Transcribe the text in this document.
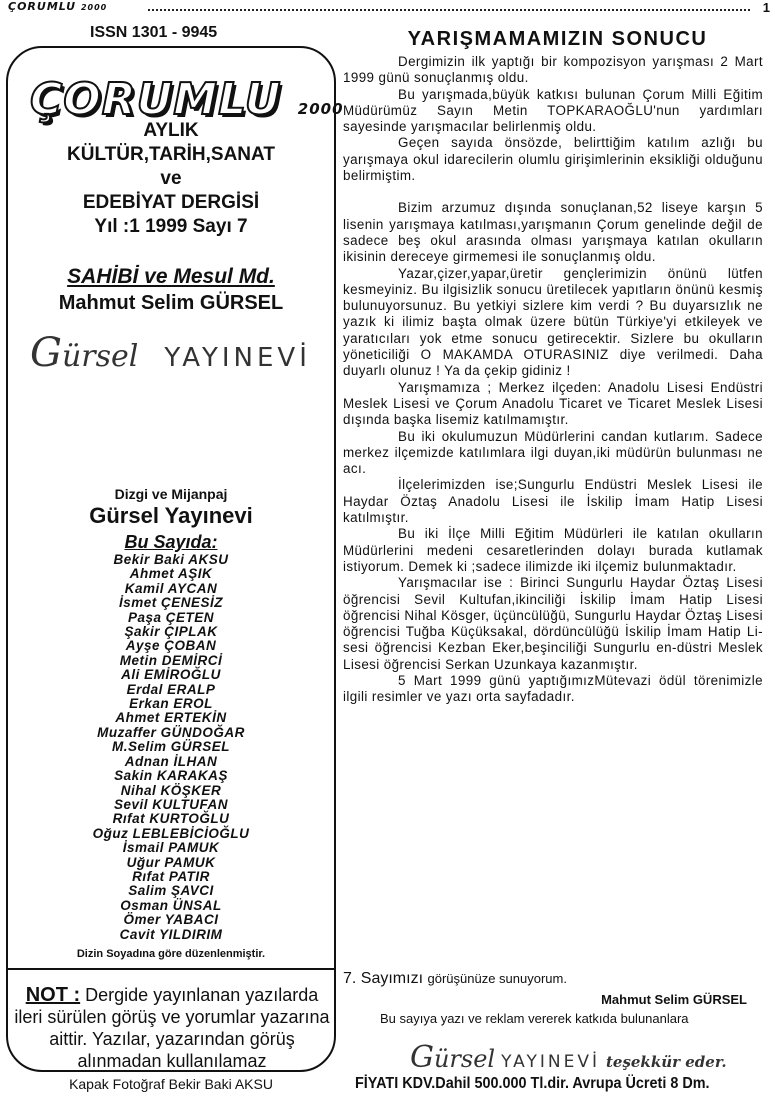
ÇORUMLU 2000	1
ISSN 1301 - 9945
ÇORUMLU 2000
AYLIK
KÜLTÜR,TARİH,SANAT
ve
EDEBİYAT DERGİSİ
Yıl :1 1999 Sayı 7
SAHİBİ ve Mesul Md.
Mahmut Selim GÜRSEL
Gürsel YAYINEVİ
Dizgi ve Mijanpaj
Gürsel Yayınevi
Bu Sayıda:
Bekir Baki AKSU
Ahmet AŞIK
Kamil AYCAN
İsmet ÇENESİZ
Paşa ÇETEN
Şakir ÇIPLAK
Ayşe ÇOBAN
Metin DEMİRCİ
Ali EMİROĞLU
Erdal ERALP
Erkan EROL
Ahmet ERTEKİN
Muzaffer GÜNDOĞAR
M.Selim GÜRSEL
Adnan İLHAN
Sakin KARAKAŞ
Nihal KÖŞKER
Sevil KULTUFAN
Rıfat KURTOĞLU
Oğuz LEBLEBİCİOĞLU
İsmail PAMUK
Uğur PAMUK
Rıfat PATIR
Salim ŞAVCI
Osman ÜNSAL
Ömer YABACI
Cavit YILDIRIM
Dizin Soyadına göre düzenlenmiştir.
NOT : Dergide yayınlanan yazılarda ileri sürülen görüş ve yorumlar yazarına aittir. Yazılar, yazarından görüş alınmadan kullanılamaz
Kapak Fotoğraf Bekir Baki AKSU
YARIŞMAMAMIZIN SONUCU

Dergimizin ilk yaptığı bir kompozisyon yarışması 2 Mart 1999 günü sonuçlanmış oldu.

Bu yarışmada,büyük katkısı bulunan Çorum Milli Eğitim Müdürümüz Sayın Metin TOPKARAOĞLU'nun yardımları sayesinde yarışmacılar belirlenmiş oldu.

Geçen sayıda önsözde, belirttiğim katılım azlığı bu yarışmaya okul idarecilerin olumlu girişimlerinin eksikliği olduğunu belirmiştim.

Bizim arzumuz dışında sonuçlanan,52 liseye karşın 5 lisenin yarışmaya katılması,yarışmanın Çorum genelinde değil de sadece beş okul arasında olması yarışmaya katılan okulların ikisinin dereceye girmemesi ile sonuçlanmış oldu.

Yazar,çizer,yapar,üretir gençlerimizin önünü lütfen kesmeyiniz. Bu ilgisizlik sonucu üretilecek yapıtların önünü kesmiş bulunuyorsunuz. Bu yetkiyi sizlere kim verdi ? Bu duyarsızlık ne yazık ki ilimiz başta olmak üzere bütün Türkiye'yi etkileyek ve yaratıcıları yok etme sonucu getirecektir. Sizlere bu okulların yöneticiliği O MAKAMDA OTURASINIZ diye verilmedi. Daha duyarlı olunuz ! Ya da çekip gidiniz !

Yarışmamıza ; Merkez ilçeden: Anadolu Lisesi Endüstri Meslek Lisesi ve Çorum Anadolu Ticaret ve Ticaret Meslek Lisesi dışında başka lisemiz katılmamıştır.

Bu iki okulumuzun Müdürlerini candan kutlarım. Sadece merkez ilçemizde katılımlara ilgi duyan,iki müdürün bulunması ne acı.

İlçelerimizden ise;Sungurlu Endüstri Meslek Lisesi ile Haydar Öztaş Anadolu Lisesi ile İskilip İmam Hatip Lisesi katılmıştır.

Bu iki İlçe Milli Eğitim Müdürleri ile katılan okulların Müdürlerini medeni cesaretlerinden dolayı burada kutlamak istiyorum. Demek ki ;sadece ilimizde iki ilçemiz bulunmaktadır.

Yarışmacılar ise : Birinci Sungurlu Haydar Öztaş Lisesi öğrencisi Sevil Kultufan,ikinciliği İskilip İmam Hatip Lisesi öğrencisi Nihal Kösger, üçüncülüğü, Sungurlu Haydar Öztaş Lisesi öğrencisi Tuğba Küçüksakal, dördüncülüğü İskilip İmam Hatip Li-sesi öğrencisi Kezban Eker,beşinciliği Sungurlu en-düstri Meslek Lisesi öğrencisi Serkan Uzunkaya kazanmıştır.

5 Mart 1999 günü yaptığımızMütevazi ödül törenimizle ilgili resimler ve yazı orta sayfadadır.

7. Sayımızı görüşünüze sunuyorum.
Mahmut Selim GÜRSEL
Bu sayıya yazı ve reklam vererek katkıda bulunanlara
Gürsel YAYINEVİ teşekkür eder.
FİYATI KDV.Dahil 500.000 Tl.dir. Avrupa Ücreti 8 Dm.
